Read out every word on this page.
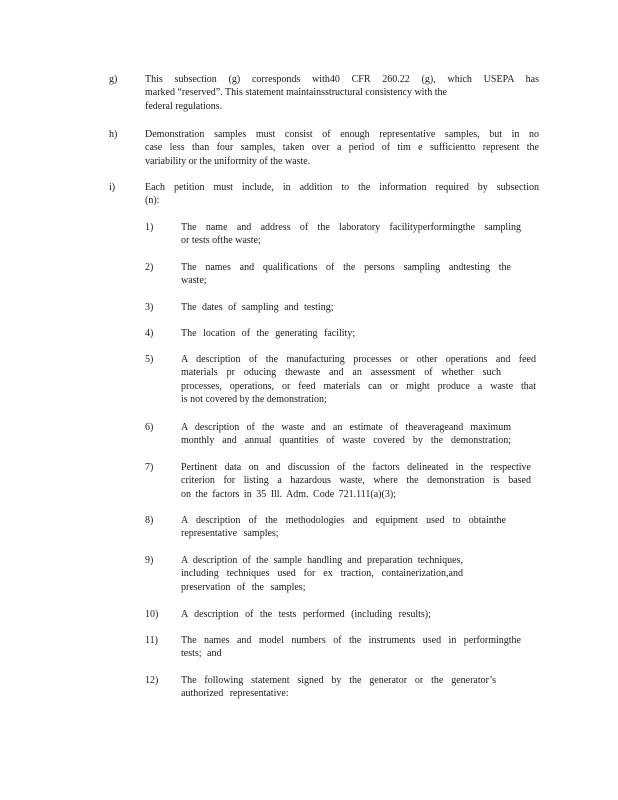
g)	This subsection (g) corresponds with40 CFR 260.22 (g), which USEPA has
marked “reserved”. This statement maintainsstructural consistency with the
federal regulations.
h)	Demonstration samples must consist of enough representative samples, but in no
case less than four samples, taken over a period of tim e sufficientto represent the
variability or the uniformity of the waste.
i)	Each petition must include, in addition to the information required by subsection
(n):
1)	The name and address of the laboratory facilityperformingthe sampling
or tests ofthe waste;
2)	The names and qualifications of the persons sampling andtesting the
waste;
3)	The dates of sampling and testing;
4)	The location of the generating facility;
5)	A description of the manufacturing processes or other operations and feed
materials pr oducing thewaste and an assessment of whether such
processes, operations, or feed materials can or might produce a waste that
is not covered by the demonstration;
6)	A description of the waste and an estimate of theaverageand maximum
monthly and annual quantities of waste covered by the demonstration;
7)	Pertinent data on and discussion of the factors delineated in the respective
criterion for listing a hazardous waste, where the demonstration is based
on the factors in 35 Ill. Adm. Code 721.111(a)(3);
8)	A description of the methodologies and equipment used to obtainthe
representative samples;
9)	A description of the sample handling and preparation techniques,
including techniques used for ex traction, containerization,and
preservation of the samples;
10)	A description of the tests performed (including results);
11)	The names and model numbers of the instruments used in performingthe
tests; and
12)	The following statement signed by the generator or the generator’s
authorized representative:
